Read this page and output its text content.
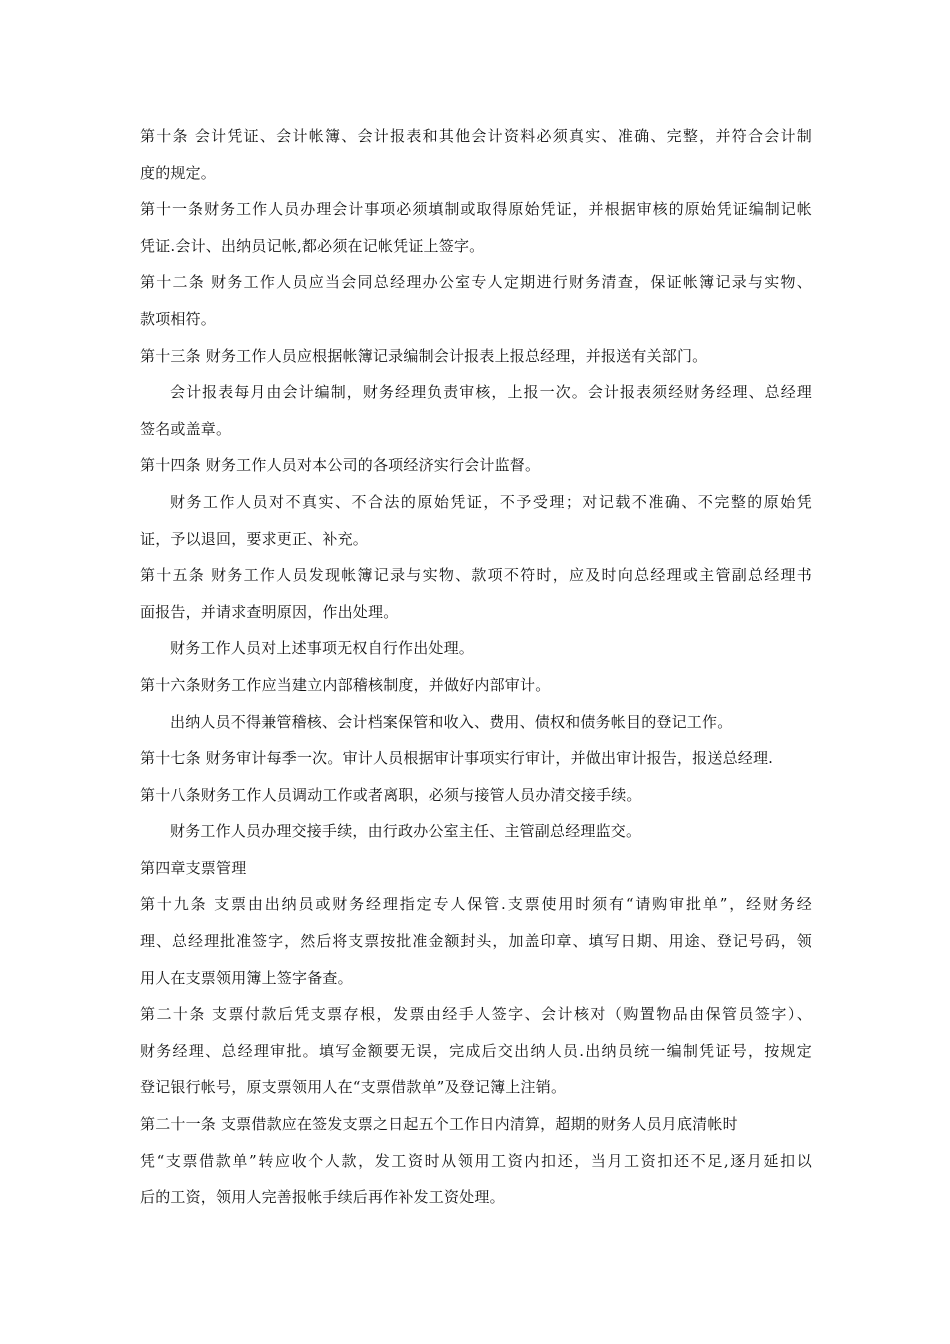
第十条 会计凭证、会计帐簿、会计报表和其他会计资料必须真实、准确、完整，并符合会计制
度的规定。

第十一条财务工作人员办理会计事项必须填制或取得原始凭证，并根据审核的原始凭证编制记帐
凭证.会计、出纳员记帐,都必须在记帐凭证上签字。

第十二条 财务工作人员应当会同总经理办公室专人定期进行财务清查，保证帐簿记录与实物、
款项相符。

第十三条 财务工作人员应根据帐簿记录编制会计报表上报总经理，并报送有关部门。

会计报表每月由会计编制，财务经理负责审核，上报一次。会计报表须经财务经理、总经理
签名或盖章。

第十四条 财务工作人员对本公司的各项经济实行会计监督。

财务工作人员对不真实、不合法的原始凭证，不予受理；对记载不准确、不完整的原始凭
证，予以退回，要求更正、补充。

第十五条 财务工作人员发现帐簿记录与实物、款项不符时，应及时向总经理或主管副总经理书
面报告，并请求查明原因，作出处理。

财务工作人员对上述事项无权自行作出处理。

第十六条财务工作应当建立内部稽核制度，并做好内部审计。

出纳人员不得兼管稽核、会计档案保管和收入、费用、债权和债务帐目的登记工作。

第十七条 财务审计每季一次。审计人员根据审计事项实行审计，并做出审计报告，报送总经理.

第十八条财务工作人员调动工作或者离职，必须与接管人员办清交接手续。

财务工作人员办理交接手续，由行政办公室主任、主管副总经理监交。

第四章支票管理

第十九条 支票由出纳员或财务经理指定专人保管.支票使用时须有“请购审批单”，经财务经
理、总经理批准签字，然后将支票按批准金额封头，加盖印章、填写日期、用途、登记号码，领
用人在支票领用簿上签字备查。

第二十条 支票付款后凭支票存根，发票由经手人签字、会计核对（购置物品由保管员签字）、
财务经理、总经理审批。填写金额要无误，完成后交出纳人员.出纳员统一编制凭证号，按规定
登记银行帐号，原支票领用人在“支票借款单”及登记簿上注销。

第二十一条 支票借款应在签发支票之日起五个工作日内清算，超期的财务人员月底清帐时
凭“支票借款单”转应收个人款，发工资时从领用工资内扣还，当月工资扣还不足,逐月延扣以
后的工资，领用人完善报帐手续后再作补发工资处理。
